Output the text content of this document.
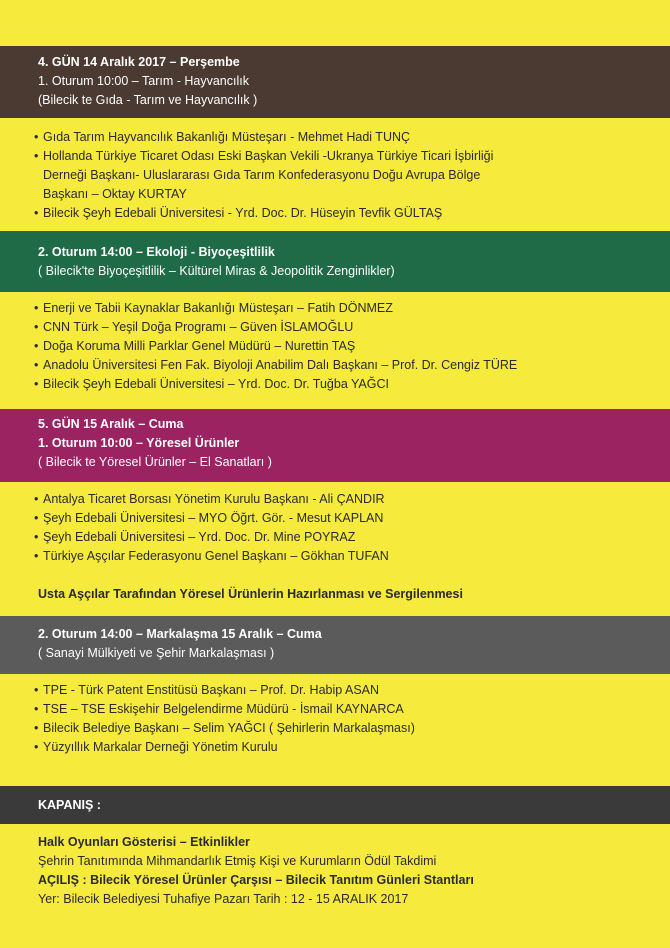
4. GÜN 14 Aralık 2017 – Perşembe
1. Oturum 10:00 – Tarım - Hayvancılık
(Bilecik te Gıda - Tarım ve Hayvancılık )
• Gıda Tarım Hayvancılık Bakanlığı Müsteşarı - Mehmet Hadi TUNÇ
• Hollanda Türkiye Ticaret Odası Eski Başkan Vekili -Ukranya Türkiye Ticari İşbirliği
Derneği Başkanı- Uluslararası Gıda Tarım Konfederasyonu Doğu Avrupa Bölge
Başkanı – Oktay KURTAY
• Bilecik Şeyh Edebali Üniversitesi - Yrd. Doc. Dr. Hüseyin Tevfik GÜLTAŞ
2. Oturum 14:00 – Ekoloji - Biyoçeşitlilik
( Bilecik'te Biyoçeşitlilik – Kültürel Miras & Jeopolitik Zenginlikler)
• Enerji ve Tabii Kaynaklar Bakanlığı Müsteşarı – Fatih DÖNMEZ
• CNN Türk – Yeşil Doğa Programı – Güven İSLAMOĞLU
• Doğa Koruma Milli Parklar Genel Müdürü – Nurettin TAŞ
• Anadolu Üniversitesi Fen Fak. Biyoloji Anabilim Dalı Başkanı – Prof. Dr. Cengiz TÜRE
• Bilecik Şeyh Edebali Üniversitesi – Yrd. Doc. Dr. Tuğba YAĞCI
5. GÜN 15 Aralık – Cuma
1. Oturum 10:00 – Yöresel Ürünler
( Bilecik te Yöresel Ürünler – El Sanatları )
• Antalya Ticaret Borsası Yönetim Kurulu Başkanı - Ali ÇANDIR
• Şeyh Edebali Üniversitesi – MYO Öğrt. Gör. - Mesut KAPLAN
• Şeyh Edebali Üniversitesi – Yrd. Doc. Dr. Mine POYRAZ
• Türkiye Aşçılar Federasyonu Genel Başkanı – Gökhan TUFAN
Usta Aşçılar Tarafından Yöresel Ürünlerin Hazırlanması ve Sergilenmesi
2. Oturum 14:00 – Markalaşma 15 Aralık – Cuma
( Sanayi Mülkiyeti ve Şehir Markalaşması )
• TPE - Türk Patent Enstitüsü Başkanı – Prof. Dr. Habip ASAN
• TSE – TSE Eskişehir Belgelendirme Müdürü - İsmail KAYNARCA
• Bilecik Belediye Başkanı – Selim YAĞCI ( Şehirlerin Markalaşması)
• Yüzyıllık Markalar Derneği Yönetim Kurulu
KAPANIŞ :
Halk Oyunları Gösterisi – Etkinlikler
Şehrin Tanıtımında Mihmandarlık Etmiş Kişi ve Kurumların Ödül Takdimi
AÇILIŞ : Bilecik Yöresel Ürünler Çarşısı – Bilecik Tanıtım Günleri Stantları
Yer: Bilecik Belediyesi Tuhafiye Pazarı Tarih : 12 - 15 ARALIK 2017
